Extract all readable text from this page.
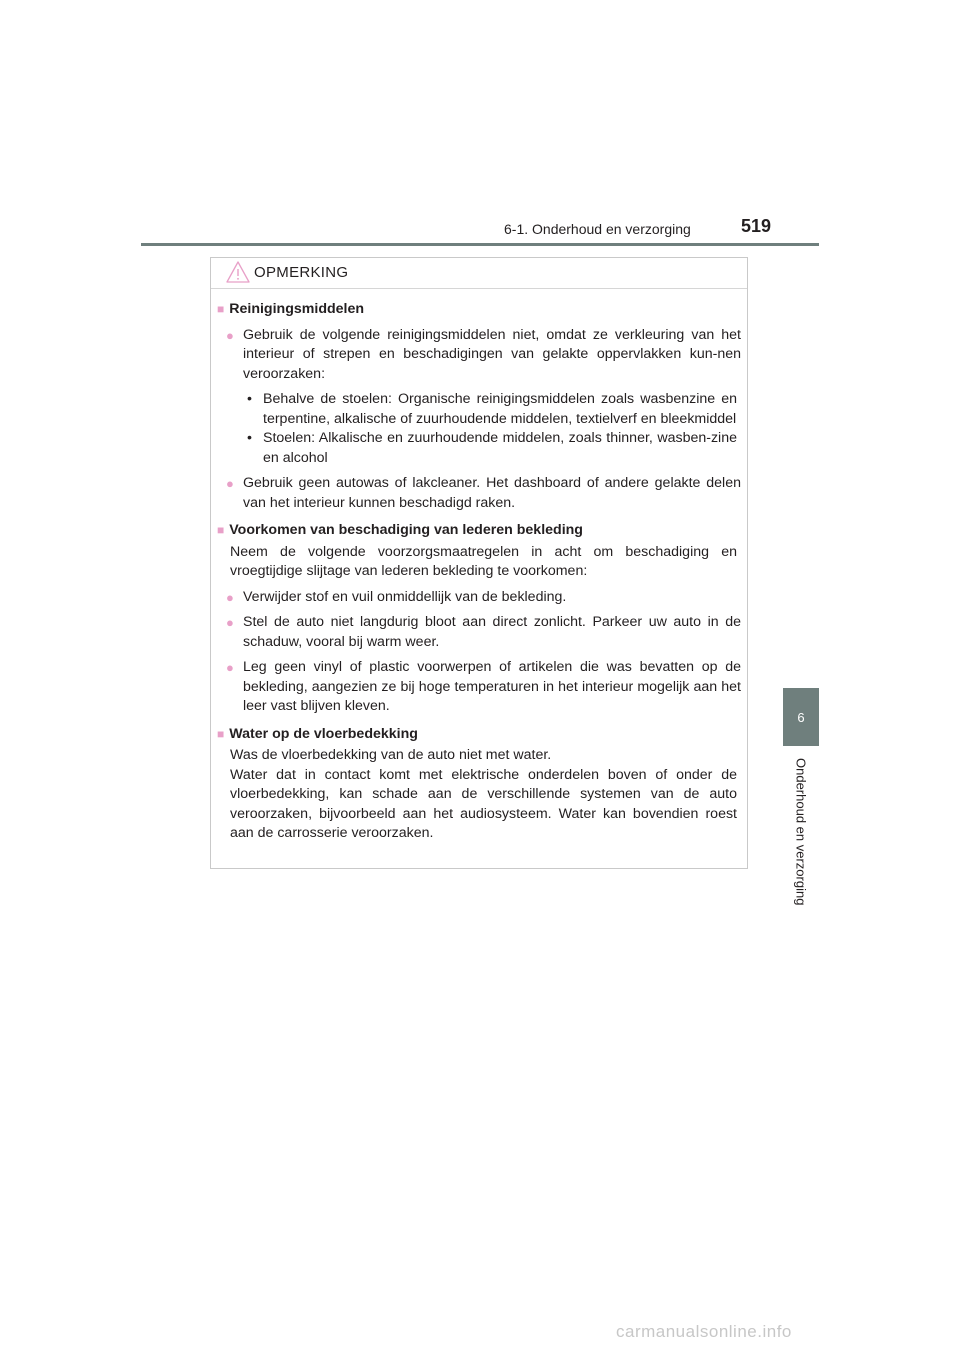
6-1. Onderhoud en verzorging	519
6
Onderhoud en verzorging
OPMERKING
■ Reinigingsmiddelen
● Gebruik de volgende reinigingsmiddelen niet, omdat ze verkleuring van het interieur of strepen en beschadigingen van gelakte oppervlakken kun-nen veroorzaken:
• Behalve de stoelen: Organische reinigingsmiddelen zoals wasbenzine en terpentine, alkalische of zuurhoudende middelen, textielverf en bleekmiddel
• Stoelen: Alkalische en zuurhoudende middelen, zoals thinner, wasben-zine en alcohol
● Gebruik geen autowas of lakcleaner. Het dashboard of andere gelakte delen van het interieur kunnen beschadigd raken.
■ Voorkomen van beschadiging van lederen bekleding
Neem de volgende voorzorgsmaatregelen in acht om beschadiging en vroegtijdige slijtage van lederen bekleding te voorkomen:
● Verwijder stof en vuil onmiddellijk van de bekleding.
● Stel de auto niet langdurig bloot aan direct zonlicht. Parkeer uw auto in de schaduw, vooral bij warm weer.
● Leg geen vinyl of plastic voorwerpen of artikelen die was bevatten op de bekleding, aangezien ze bij hoge temperaturen in het interieur mogelijk aan het leer vast blijven kleven.
■ Water op de vloerbedekking
Was de vloerbedekking van de auto niet met water.
Water dat in contact komt met elektrische onderdelen boven of onder de vloerbedekking, kan schade aan de verschillende systemen van de auto veroorzaken, bijvoorbeeld aan het audiosysteem. Water kan bovendien roest aan de carrosserie veroorzaken.
carmanualsonline.info
